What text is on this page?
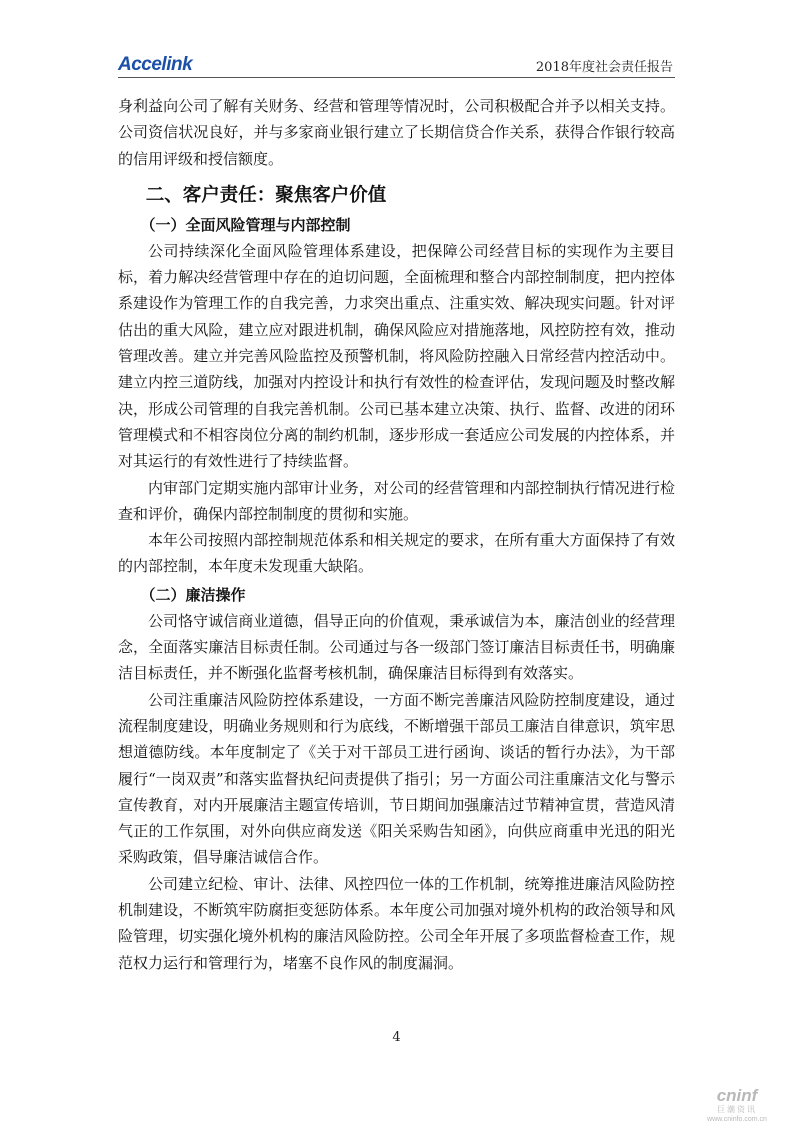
Accelink	2018年度社会责任报告

身利益向公司了解有关财务、经营和管理等情况时，公司积极配合并予以相关支持。公司资信状况良好，并与多家商业银行建立了长期信贷合作关系，获得合作银行较高的信用评级和授信额度。

二、客户责任：聚焦客户价值
（一）全面风险管理与内部控制

公司持续深化全面风险管理体系建设，把保障公司经营目标的实现作为主要目标，着力解决经营管理中存在的迫切问题，全面梳理和整合内部控制制度，把内控体系建设作为管理工作的自我完善，力求突出重点、注重实效、解决现实问题。针对评估出的重大风险，建立应对跟进机制，确保风险应对措施落地，风控防控有效，推动管理改善。建立并完善风险监控及预警机制，将风险防控融入日常经营内控活动中。建立内控三道防线，加强对内控设计和执行有效性的检查评估，发现问题及时整改解决，形成公司管理的自我完善机制。公司已基本建立决策、执行、监督、改进的闭环管理模式和不相容岗位分离的制约机制，逐步形成一套适应公司发展的内控体系，并对其运行的有效性进行了持续监督。

内审部门定期实施内部审计业务，对公司的经营管理和内部控制执行情况进行检查和评价，确保内部控制制度的贯彻和实施。

本年公司按照内部控制规范体系和相关规定的要求，在所有重大方面保持了有效的内部控制，本年度未发现重大缺陷。

（二）廉洁操作

公司恪守诚信商业道德，倡导正向的价值观，秉承诚信为本，廉洁创业的经营理念，全面落实廉洁目标责任制。公司通过与各一级部门签订廉洁目标责任书，明确廉洁目标责任，并不断强化监督考核机制，确保廉洁目标得到有效落实。

公司注重廉洁风险防控体系建设，一方面不断完善廉洁风险防控制度建设，通过流程制度建设，明确业务规则和行为底线，不断增强干部员工廉洁自律意识，筑牢思想道德防线。本年度制定了《关于对干部员工进行函询、谈话的暂行办法》，为干部履行“一岗双责”和落实监督执纪问责提供了指引；另一方面公司注重廉洁文化与警示宣传教育，对内开展廉洁主题宣传培训，节日期间加强廉洁过节精神宣贯，营造风清气正的工作氛围，对外向供应商发送《阳关采购告知函》，向供应商重申光迅的阳光采购政策，倡导廉洁诚信合作。

公司建立纪检、审计、法律、风控四位一体的工作机制，统筹推进廉洁风险防控机制建设，不断筑牢防腐拒变惩防体系。本年度公司加强对境外机构的政治领导和风险管理，切实强化境外机构的廉洁风险防控。公司全年开展了多项监督检查工作，规范权力运行和管理行为，堵塞不良作风的制度漏洞。

4
cninf
巨潮资讯
www.cninfo.com.cn
